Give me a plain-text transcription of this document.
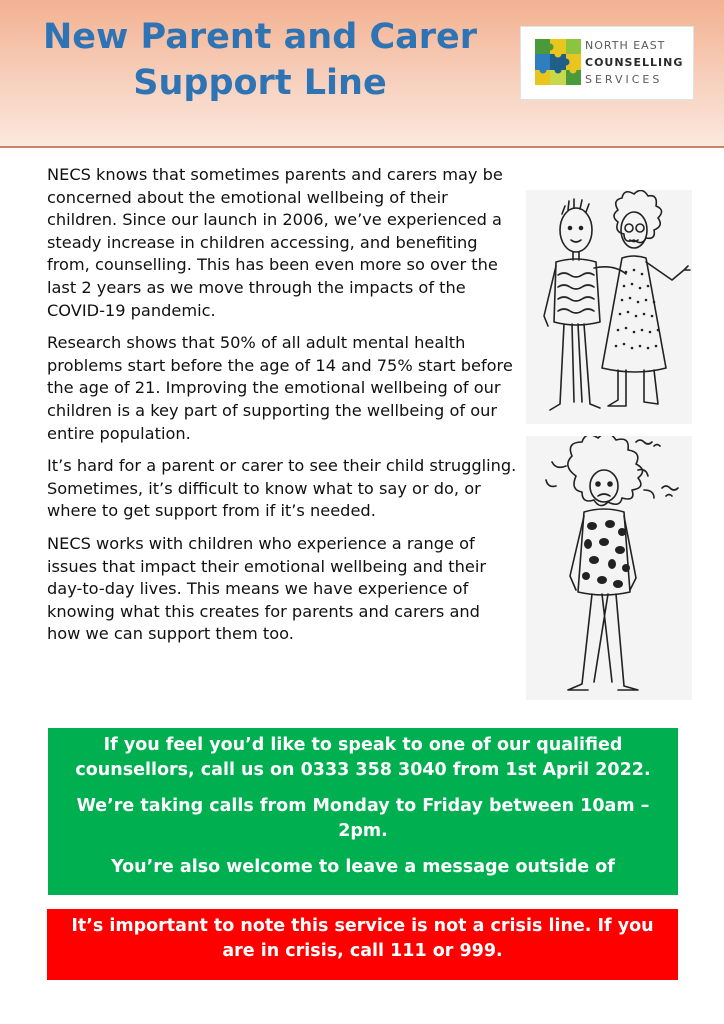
New Parent and Carer
Support Line
NORTH EAST
COUNSELLING
SERVICES

NECS knows that sometimes parents and carers may be concerned about the emotional wellbeing of their children. Since our launch in 2006, we’ve experienced a steady increase in children accessing, and benefiting from, counselling. This has been even more so over the last 2 years as we move through the impacts of the COVID-19 pandemic.

Research shows that 50% of all adult mental health problems start before the age of 14 and 75% start before the age of 21. Improving the emotional wellbeing of our children is a key part of supporting the wellbeing of our entire population.

It’s hard for a parent or carer to see their child struggling. Sometimes, it’s difficult to know what to say or do, or where to get support from if it’s needed.

NECS works with children who experience a range of issues that impact their emotional wellbeing and their day-to-day lives. This means we have experience of knowing what this creates for parents and carers and how we can support them too.

If you feel you’d like to speak to one of our qualified counsellors, call us on 0333 358 3040 from 1st April 2022.

We’re taking calls from Monday to Friday between 10am – 2pm.

You’re also welcome to leave a message outside of

It’s important to note this service is not a crisis line. If you are in crisis, call 111 or 999.
